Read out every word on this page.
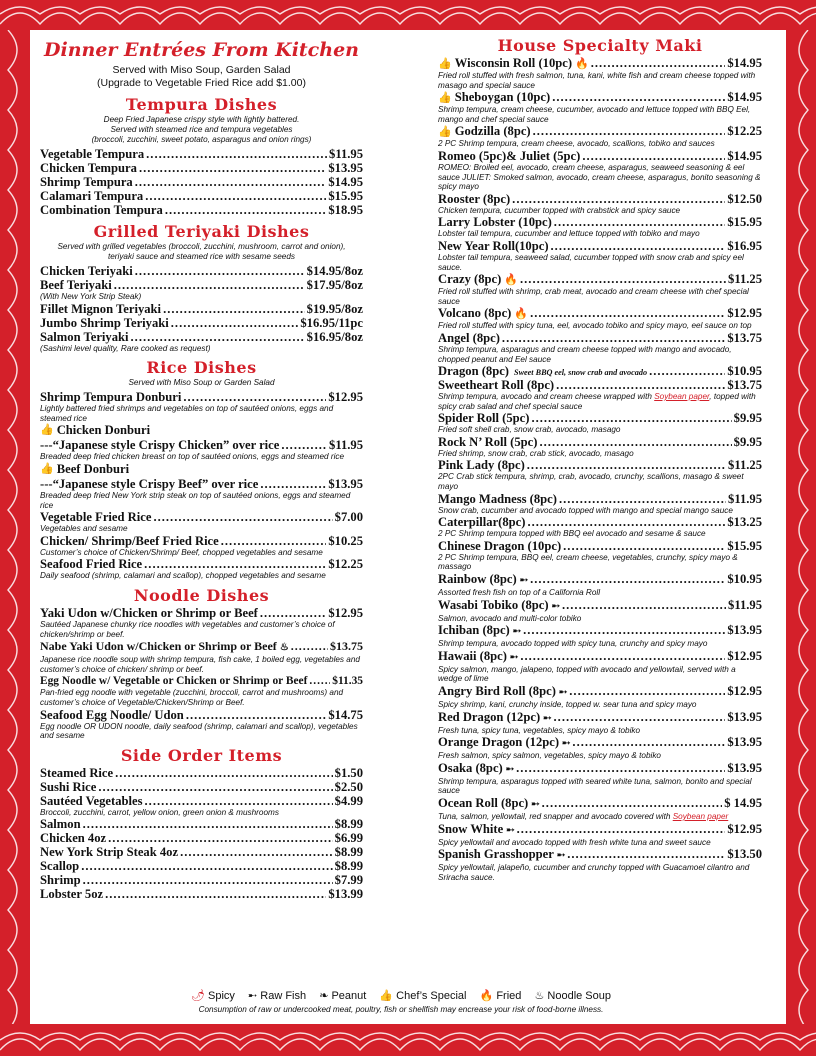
Dinner Entrées From Kitchen
Served with Miso Soup, Garden Salad
(Upgrade to Vegetable Fried Rice add $1.00)
Tempura Dishes
Deep Fried Japanese crispy style with lightly battered.
Served with steamed rice and tempura vegetables
(broccoli, zucchini, sweet potato, asparagus and onion rings)
Vegetable Tempura .....	$11.95
Chicken Tempura .....	$13.95
Shrimp Tempura .....	$14.95
Calamari Tempura .....	$15.95
Combination Tempura .....	$18.95
Grilled Teriyaki Dishes
Served with grilled vegetables (broccoli, zucchini, mushroom, carrot and onion),
teriyaki sauce and steamed rice with sesame seeds
Chicken Teriyaki .....	$14.95/8oz
Beef Teriyaki .....	$17.95/8oz
(With New York Strip Steak)
Fillet Mignon Teriyaki .....	$19.95/8oz
Jumbo Shrimp Teriyaki .....	$16.95/11pc
Salmon Teriyaki .....	$16.95/8oz
(Sashimi level quality, Rare cooked as request)
Rice Dishes
Served with Miso Soup or Garden Salad
Shrimp Tempura Donburi .....	$12.95
Lightly battered fried shrimps and vegetables on top of sautéed onions, eggs and steamed rice
👍 Chicken Donburi
---“Japanese style Crispy Chicken” over rice .....	$11.95
Breaded deep fried chicken breast on top of sautéed onions, eggs and steamed rice
👍 Beef Donburi
---“Japanese style Crispy Beef” over rice .....	$13.95
Breaded deep fried New York strip steak on top of sautéed onions, eggs and steamed rice
Vegetable Fried Rice .....	$7.00
Vegetables and sesame
Chicken/ Shrimp/Beef Fried Rice .....	$10.25
Customer’s choice of Chicken/Shrimp/ Beef, chopped vegetables and sesame
Seafood Fried Rice .....	$12.25
Daily seafood (shrimp, calamari and scallop), chopped vegetables and sesame
Noodle Dishes
Yaki Udon w/Chicken or Shrimp or Beef .....	$12.95
Sautéed Japanese chunky rice noodles with vegetables and customer’s choice of chicken/shrimp or beef.
Nabe Yaki Udon w/Chicken or Shrimp or Beef ♨ .....	$13.75
Japanese rice noodle soup with shrimp tempura, fish cake, 1 boiled egg, vegetables and customer’s choice of chicken/ shrimp or beef.
Egg Noodle w/ Vegetable or Chicken or Shrimp or Beef ..... $11.35
Pan-fried egg noodle with vegetable (zucchini, broccoli, carrot and mushrooms) and customer’s choice of Vegetable/Chicken/Shrimp or Beef.
Seafood Egg Noodle/ Udon .....	$14.75
Egg noodle OR UDON noodle, daily seafood (shrimp, calamari and scallop), vegetables and sesame
Side Order Items
Steamed Rice .....	$1.50
Sushi Rice .....	$2.50
Sautéed Vegetables .....	$4.99
Broccoli, zucchini, carrot, yellow onion, green onion & mushrooms
Salmon .....	$8.99
Chicken 4oz .....	$6.99
New York Strip Steak 4oz .....	$8.99
Scallop .....	$8.99
Shrimp .....	$7.99
Lobster 5oz .....	$13.99
House Specialty Maki
👍 Wisconsin Roll (10pc) 🔥 .....	$14.95
Fried roll stuffed with fresh salmon, tuna, kani, white fish and cream cheese topped with masago and special sauce
👍 Sheboygan (10pc) .....	$14.95
Shrimp tempura, cream cheese, cucumber, avocado and lettuce topped with BBQ Eel, mango and chef special sauce
👍 Godzilla (8pc) .....	$12.25
2 PC Shrimp tempura, cream cheese, avocado, scallions, tobiko and sauces
Romeo (5pc)& Juliet (5pc) .....	$14.95
ROMEO: Broiled eel, avocado, cream cheese, asparagus, seaweed seasoning & eel sauce JULIET: Smoked salmon, avocado, cream cheese, asparagus, bonito seasoning & spicy mayo
Rooster (8pc) .....	$12.50
Chicken tempura, cucumber topped with crabstick and spicy sauce
Larry Lobster (10pc) .....	$15.95
Lobster tail tempura, cucumber and lettuce topped with tobiko and mayo
New Year Roll(10pc) .....	$16.95
Lobster tail tempura, seaweed salad, cucumber topped with snow crab and spicy eel sauce.
Crazy (8pc) 🔥 .....	$11.25
Fried roll stuffed with shrimp, crab meat, avocado and cream cheese with chef special sauce
Volcano (8pc) 🔥 .....	$12.95
Fried roll stuffed with spicy tuna, eel, avocado tobiko and spicy mayo, eel sauce on top
Angel (8pc) .....	$13.75
Shrimp tempura, asparagus and cream cheese topped with mango and avocado, chopped peanut and Eel sauce
Dragon (8pc) Sweet BBQ eel, snow crab and avocado .....	$10.95
Sweetheart Roll (8pc) .....	$13.75
Shrimp tempura, avocado and cream cheese wrapped with Soybean paper, topped with spicy crab salad and chef special sauce
Spider Roll (5pc) .....	$9.95
Fried soft shell crab, snow crab, avocado, masago
Rock N’ Roll (5pc) .....	$9.95
Fried shrimp, snow crab, crab stick, avocado, masago
Pink Lady (8pc) .....	$11.25
2PC Crab stick tempura, shrimp, crab, avocado, crunchy, scallions, masago & sweet mayo
Mango Madness (8pc) .....	$11.95
Snow crab, cucumber and avocado topped with mango and special mango sauce
Caterpillar(8pc) .....	$13.25
2 PC Shrimp tempura topped with BBQ eel avocado and sesame & sauce
Chinese Dragon (10pc) .....	$15.95
2 PC Shrimp tempura, BBQ eel, cream cheese, vegetables, crunchy, spicy mayo & massago
Rainbow (8pc) ➸ .....	$10.95
Assorted fresh fish on top of a California Roll
Wasabi Tobiko (8pc) ➸ .....	$11.95
Salmon, avocado and multi-color tobiko
Ichiban (8pc) ➸ .....	$13.95
Shrimp tempura, avocado topped with spicy tuna, crunchy and spicy mayo
Hawaii (8pc) ➸ .....	$12.95
Spicy salmon, mango, jalapeno, topped with avocado and yellowtail, served with a wedge of lime
Angry Bird Roll (8pc) ➸ .....	$12.95
Spicy shrimp, kani, crunchy inside, topped w. sear tuna and spicy mayo
Red Dragon (12pc) ➸ .....	$13.95
Fresh tuna, spicy tuna, vegetables, spicy mayo & tobiko
Orange Dragon (12pc) ➸ .....	$13.95
Fresh salmon, spicy salmon, vegetables, spicy mayo & tobiko
Osaka (8pc) ➸ .....	$13.95
Shrimp tempura, asparagus topped with seared white tuna, salmon, bonito and special sauce
Ocean Roll (8pc) ➸ .....	$ 14.95
Tuna, salmon, yellowtail, red snapper and avocado covered with Soybean paper
Snow White ➸ .....	$12.95
Spicy yellowtail and avocado topped with fresh white tuna and sweet sauce
Spanish Grasshopper ➸ .....	$13.50
Spicy yellowtail, jalapeño, cucumber and crunchy topped with Guacamoel cilantro and Sriracha sauce.
🌶 Spicy ➸ Raw Fish ❧ Peanut 👍 Chef’s Special 🔥 Fried ♨ Noodle Soup
Consumption of raw or undercooked meat, poultry, fish or shellfish may encrease your risk of food-borne illness.
